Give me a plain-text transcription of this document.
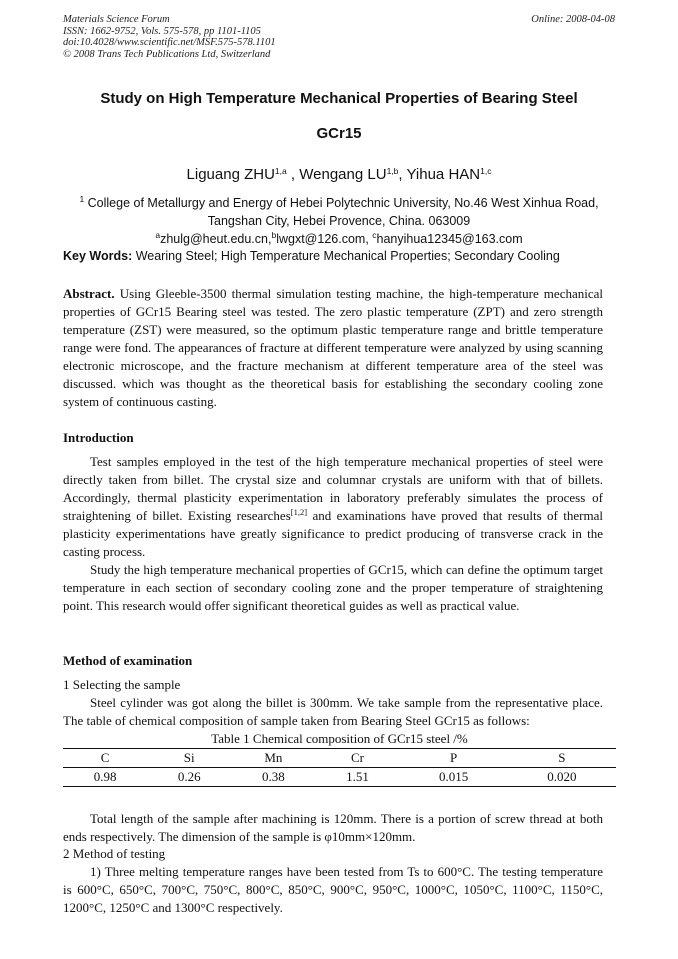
Materials Science Forum
ISSN: 1662-9752, Vols. 575-578, pp 1101-1105
doi:10.4028/www.scientific.net/MSF.575-578.1101
© 2008 Trans Tech Publications Ltd, Switzerland
Online: 2008-04-08
Study on High Temperature Mechanical Properties of Bearing Steel
GCr15
Liguang ZHU$^{1,a}$ , Wengang LU$^{1,b}$, Yihua HAN$^{1,c}$
$^1$ College of Metallurgy and Energy of Hebei Polytechnic University, No.46 West Xinhua Road,
Tangshan City, Hebei Provence, China. 063009
$^a$zhulg@heut.edu.cn,$^b$lwgxt@126.com, $^c$hanyihua12345@163.com
Key Words: Wearing Steel; High Temperature Mechanical Properties; Secondary Cooling

Abstract. Using Gleeble-3500 thermal simulation testing machine, the high-temperature mechanical properties of GCr15 Bearing steel was tested. The zero plastic temperature (ZPT) and zero strength temperature (ZST) were measured, so the optimum plastic temperature range and brittle temperature range were fond. The appearances of fracture at different temperature were analyzed by using scanning electronic microscope, and the fracture mechanism at different temperature area of the steel was discussed. which was thought as the theoretical basis for establishing the secondary cooling zone system of continuous casting.

Introduction

Test samples employed in the test of the high temperature mechanical properties of steel were directly taken from billet. The crystal size and columnar crystals are uniform with that of billets. Accordingly, thermal plasticity experimentation in laboratory preferably simulates the process of straightening of billet. Existing researches[1,2] and examinations have proved that results of thermal plasticity experimentations have greatly significance to predict producing of transverse crack in the casting process.

Study the high temperature mechanical properties of GCr15, which can define the optimum target temperature in each section of secondary cooling zone and the proper temperature of straightening point. This research would offer significant theoretical guides as well as practical value.

Method of examination
1 Selecting the sample

Steel cylinder was got along the billet is 300mm. We take sample from the representative place. The table of chemical composition of sample taken from Bearing Steel GCr15 as follows:

Table 1 Chemical composition of GCr15 steel /%
C	Si	Mn	Cr	P	S
0.98	0.26	0.38	1.51	0.015	0.020

Total length of the sample after machining is 120mm. There is a portion of screw thread at both ends respectively. The dimension of the sample is φ10mm×120mm.

2 Method of testing

1) Three melting temperature ranges have been tested from Ts to 600°C. The testing temperature is 600°C, 650°C, 700°C, 750°C, 800°C, 850°C, 900°C, 950°C, 1000°C, 1050°C, 1100°C, 1150°C, 1200°C, 1250°C and 1300°C respectively.
